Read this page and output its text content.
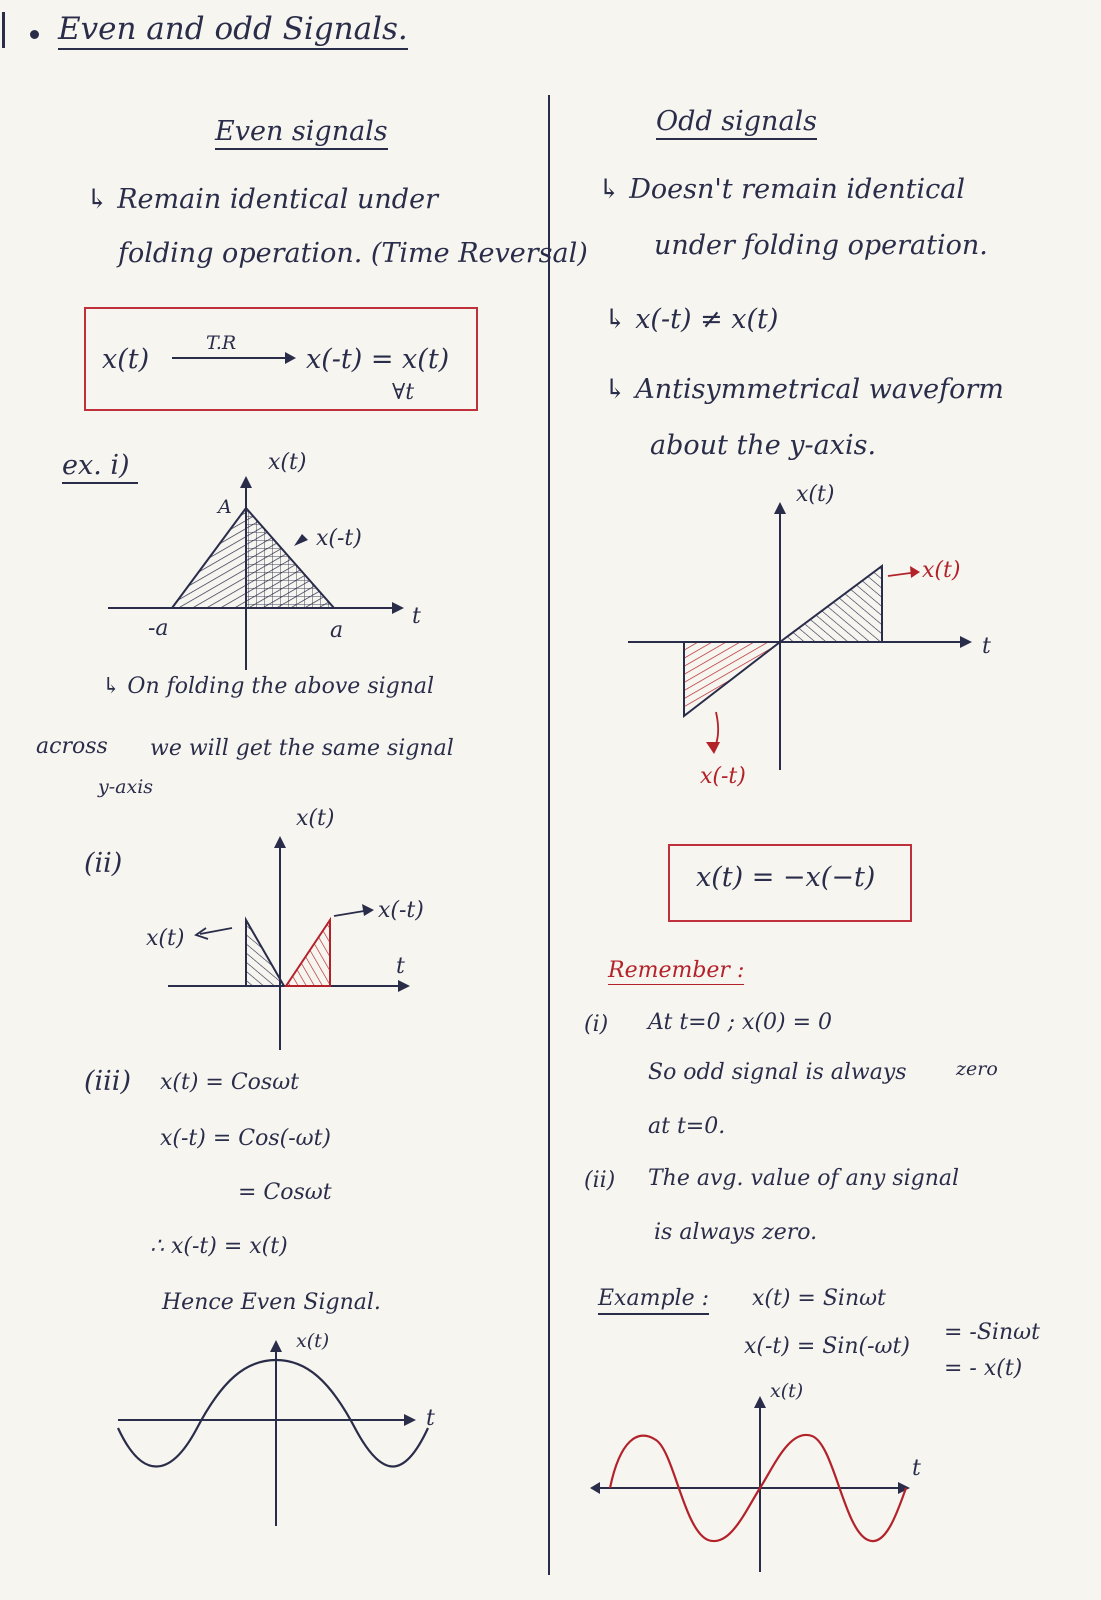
Even and odd Signals.
Even signals
↳ Remain identical under
folding operation. (Time Reversal)
x(t)
T.R
x(-t) = x(t)
∀t
ex. i)	x(t)
A
x(-t)
-a	a
t
↳ On folding the above signal
across we will get the same signal
y-axis
(ii)
x(t)
x(t)
x(-t)
t
(iii) x(t) = Cosωt
x(-t) = Cos(-ωt)
= Cosωt
∴ x(-t) = x(t)
Hence Even Signal.
x(t)
t
Odd signals
↳ Doesn't remain identical
under folding operation.
↳ x(-t) ≠ x(t)
↳ Antisymmetrical waveform
about the y-axis.
x(t)
x(t)
t
x(-t)
x(t) = −x(−t)
Remember :
(i) At t=0 ; x(0) = 0
So odd signal is always	zero
at t=0.
(ii) The avg. value of any signal
is always zero.
Example : x(t) = Sinωt
x(-t) = Sin(-ωt)
= -Sinωt
= - x(t)
x(t)
t
